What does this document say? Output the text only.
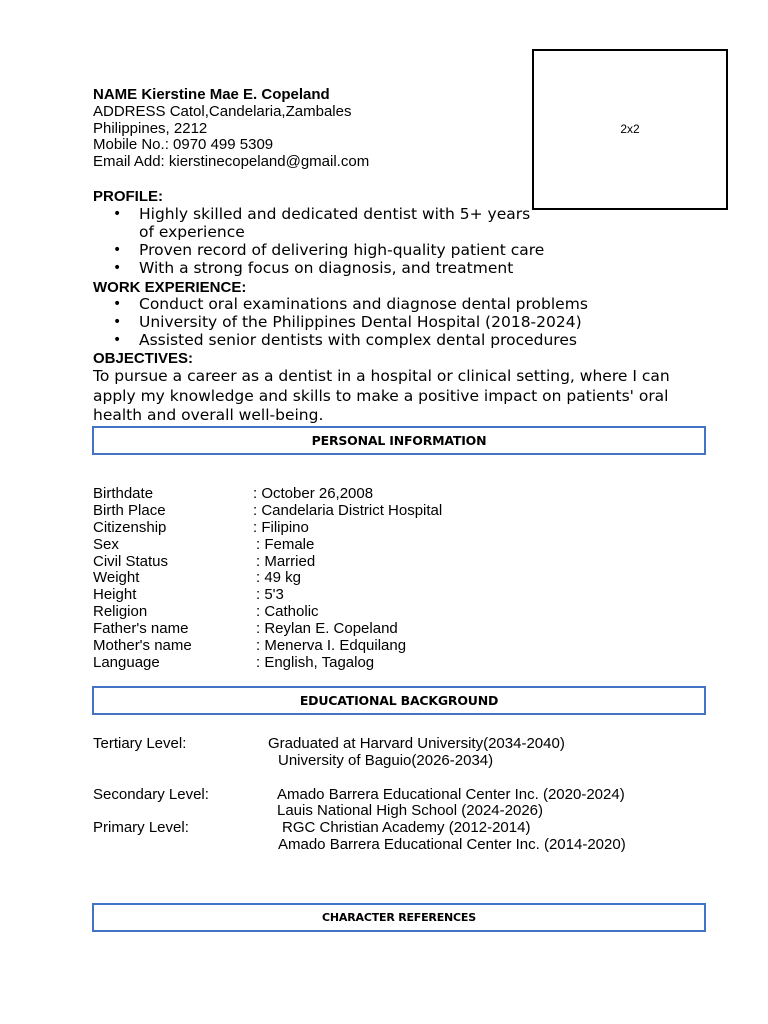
2x2
NAME Kierstine Mae E. Copeland
ADDRESS Catol,Candelaria,Zambales
Philippines, 2212
Mobile No.: 0970 499 5309
Email Add: kierstinecopeland@gmail.com
PROFILE:
• Highly skilled and dedicated dentist with 5+ years
of experience
• Proven record of delivering high-quality patient care
• With a strong focus on diagnosis, and treatment
WORK EXPERIENCE:
• Conduct oral examinations and diagnose dental problems
• University of the Philippines Dental Hospital (2018-2024)
• Assisted senior dentists with complex dental procedures
OBJECTIVES:
To pursue a career as a dentist in a hospital or clinical setting, where I can apply my knowledge and skills to make a positive impact on patients' oral health and overall well-being.
PERSONAL INFORMATION
Birthdate	: October 26,2008
Birth Place	: Candelaria District Hospital
Citizenship	: Filipino
Sex	: Female
Civil Status	: Married
Weight	: 49 kg
Height	: 5'3
Religion	: Catholic
Father's name	: Reylan E. Copeland
Mother's name	: Menerva I. Edquilang
Language	: English, Tagalog
EDUCATIONAL BACKGROUND
Tertiary Level:	Graduated at Harvard University(2034-2040)
University of Baguio(2026-2034)
Secondary Level:	Amado Barrera Educational Center Inc. (2020-2024)
Lauis National High School (2024-2026)
Primary Level:	RGC Christian Academy (2012-2014)
Amado Barrera Educational Center Inc. (2014-2020)
CHARACTER REFERENCES
